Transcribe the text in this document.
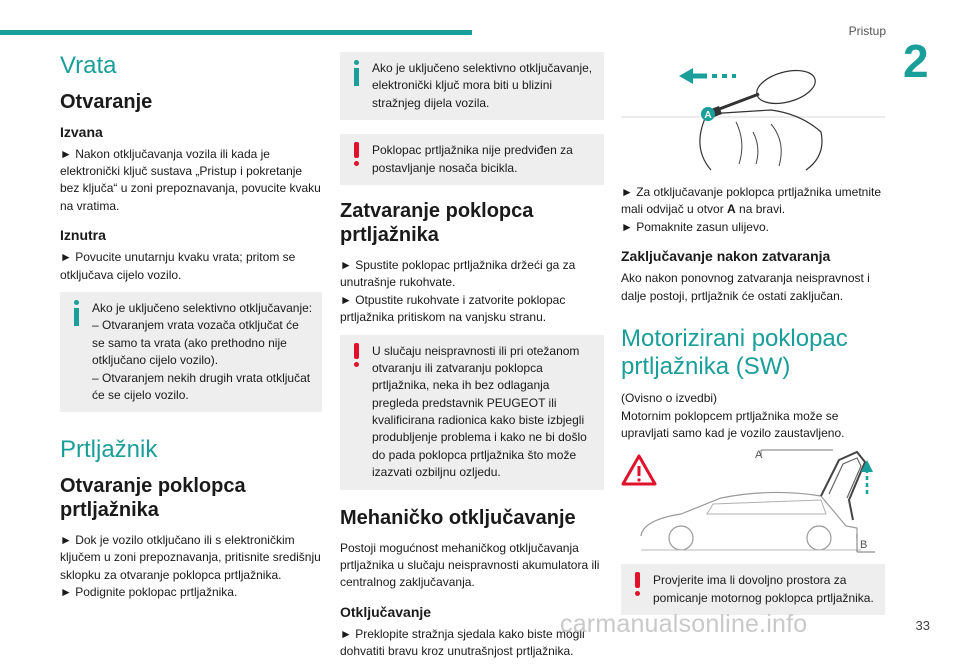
Pristup
2
Vrata
Otvaranje
Izvana

► Nakon otključavanja vozila ili kada je elektronički ključ sustava „Pristup i pokretanje bez ključa“ u zoni prepoznavanja, povucite kvaku na vratima.

Iznutra

► Povucite unutarnju kvaku vrata; pritom se otključava cijelo vozilo.

Ako je uključeno selektivno otključavanje:
– Otvaranjem vrata vozača otključat će se samo ta vrata (ako prethodno nije otključano cijelo vozilo).
– Otvaranjem nekih drugih vrata otključat će se cijelo vozilo.
Prtljažnik
Otvaranje poklopca prtljažnika

► Dok je vozilo otključano ili s elektroničkim ključem u zoni prepoznavanja, pritisnite središnju sklopku za otvaranje poklopca prtljažnika.

► Podignite poklopac prtljažnika.

Ako je uključeno selektivno otključavanje, elektronički ključ mora biti u blizini stražnjeg dijela vozila.
Poklopac prtljažnika nije predviđen za postavljanje nosača bicikla.
Zatvaranje poklopca prtljažnika

► Spustite poklopac prtljažnika držeći ga za unutrašnje rukohvate.

► Otpustite rukohvate i zatvorite poklopac prtljažnika pritiskom na vanjsku stranu.

U slučaju neispravnosti ili pri otežanom otvaranju ili zatvaranju poklopca prtljažnika, neka ih bez odlaganja pregleda predstavnik PEUGEOT ili kvalificirana radionica kako biste izbjegli produbljenje problema i kako ne bi došlo do pada poklopca prtljažnika što može izazvati ozbiljnu ozljedu.
Mehaničko otključavanje

Postoji mogućnost mehaničkog otključavanja prtljažnika u slučaju neispravnosti akumulatora ili centralnog zaključavanja.

Otključavanje

► Preklopite stražnja sjedala kako biste mogli dohvatiti bravu kroz unutrašnjost prtljažnika.

A

► Za otključavanje poklopca prtljažnika umetnite mali odvijač u otvor A na bravi.

► Pomaknite zasun ulijevo.

Zaključavanje nakon zatvaranja

Ako nakon ponovnog zatvaranja neispravnost i dalje postoji, prtljažnik će ostati zaključan.

Motorizirani poklopac prtljažnika (SW)

(Ovisno o izvedbi)

Motornim poklopcem prtljažnika može se upravljati samo kad je vozilo zaustavljeno.

A
B
Provjerite ima li dovoljno prostora za pomicanje motornog poklopca prtljažnika.
carmanualsonline.info	33
